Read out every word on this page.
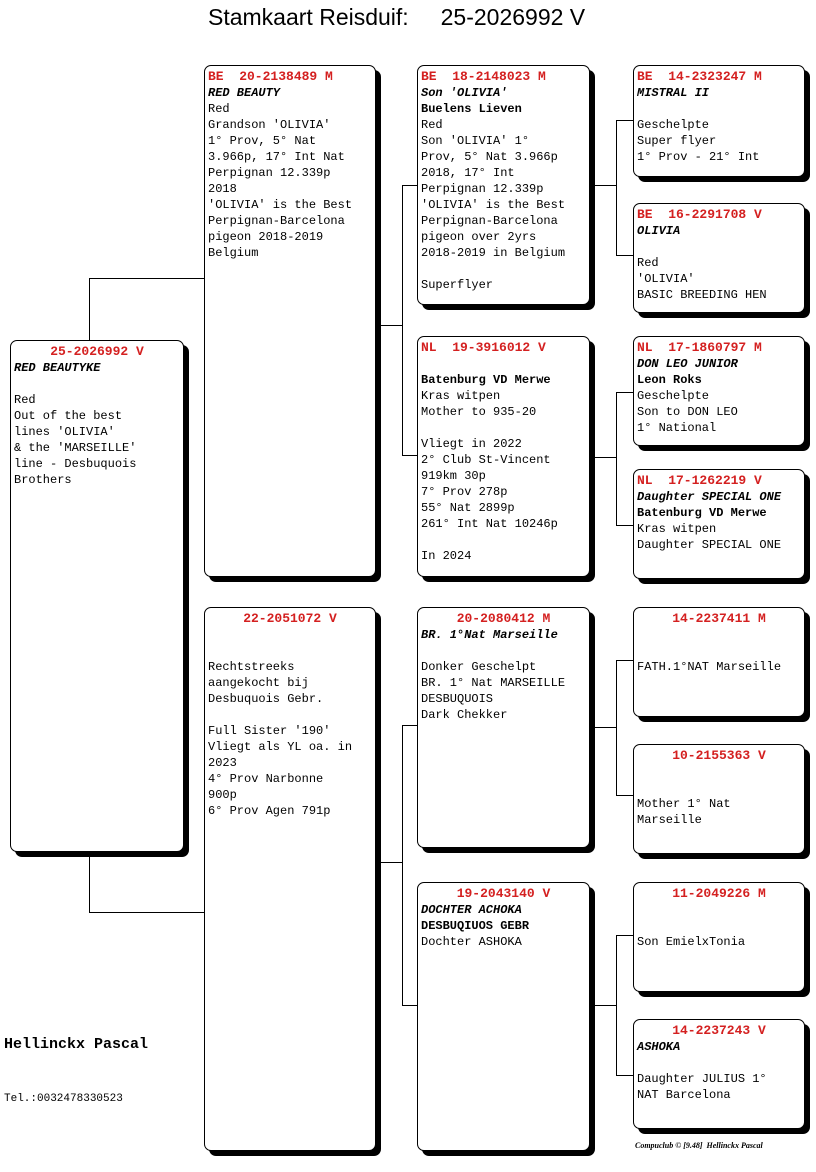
Stamkaart Reisduif:     25-2026992 V
25-2026992 V
RED BEAUTYKE
Red
Out of the best
lines 'OLIVIA'
& the 'MARSEILLE'
line - Desbuquois
Brothers
BE  20-2138489 M
RED BEAUTY
Red
Grandson 'OLIVIA'
1° Prov, 5° Nat
3.966p, 17° Int Nat
Perpignan 12.339p
2018
'OLIVIA' is the Best
Perpignan-Barcelona
pigeon 2018-2019
Belgium
22-2051072 V
Rechtstreeks
aangekocht bij
Desbuquois Gebr.

Full Sister '190'
Vliegt als YL oa. in
2023
4° Prov Narbonne
900p
6° Prov Agen 791p
BE  18-2148023 M
Son 'OLIVIA'
Buelens Lieven
Red
Son 'OLIVIA' 1°
Prov, 5° Nat 3.966p
2018, 17° Int
Perpignan 12.339p
'OLIVIA' is the Best
Perpignan-Barcelona
pigeon over 2yrs
2018-2019 in Belgium

Superflyer
NL  19-3916012 V
Batenburg VD Merwe
Kras witpen
Mother to 935-20

Vliegt in 2022
2° Club St-Vincent
919km 30p
7° Prov 278p
55° Nat 2899p
261° Int Nat 10246p

In 2024
20-2080412 M
BR. 1°Nat Marseille
Donker Geschelpt
BR. 1° Nat MARSEILLE
DESBUQUOIS
Dark Chekker
19-2043140 V
DOCHTER ACHOKA
DESBUQIUOS GEBR
Dochter ASHOKA
BE  14-2323247 M
MISTRAL II
Geschelpte
Super flyer
1° Prov - 21° Int
BE  16-2291708 V
OLIVIA
Red
'OLIVIA'
BASIC BREEDING HEN
NL  17-1860797 M
DON LEO JUNIOR
Leon Roks
Geschelpte
Son to DON LEO
1° National
NL  17-1262219 V
Daughter SPECIAL ONE
Batenburg VD Merwe
Kras witpen
Daughter SPECIAL ONE
14-2237411 M
FATH.1°NAT Marseille
10-2155363 V
Mother 1° Nat
Marseille
11-2049226 M
Son EmielxTonia
14-2237243 V
ASHOKA
Daughter JULIUS 1°
NAT Barcelona
Hellinckx Pascal
Tel.:0032478330523
Compuclub © [9.48]  Hellinckx Pascal
